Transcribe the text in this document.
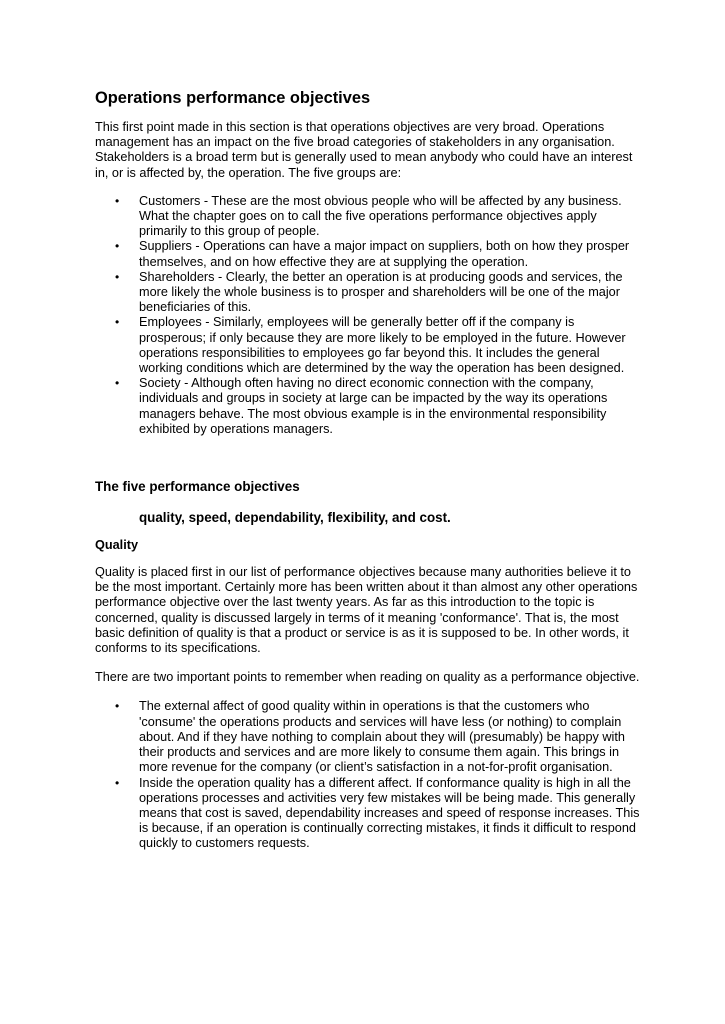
Operations performance objectives

This first point made in this section is that operations objectives are very broad. Operations management has an impact on the five broad categories of stakeholders in any organisation. Stakeholders is a broad term but is generally used to mean anybody who could have an interest in, or is affected by, the operation. The five groups are:

• Customers - These are the most obvious people who will be affected by any business. What the chapter goes on to call the five operations performance objectives apply primarily to this group of people.
• Suppliers - Operations can have a major impact on suppliers, both on how they prosper themselves, and on how effective they are at supplying the operation.
• Shareholders - Clearly, the better an operation is at producing goods and services, the more likely the whole business is to prosper and shareholders will be one of the major beneficiaries of this.
• Employees - Similarly, employees will be generally better off if the company is prosperous; if only because they are more likely to be employed in the future. However operations responsibilities to employees go far beyond this. It includes the general working conditions which are determined by the way the operation has been designed.
• Society - Although often having no direct economic connection with the company, individuals and groups in society at large can be impacted by the way its operations managers behave. The most obvious example is in the environmental responsibility exhibited by operations managers.
The five performance objectives
quality, speed, dependability, flexibility, and cost.
Quality

Quality is placed first in our list of performance objectives because many authorities believe it to be the most important. Certainly more has been written about it than almost any other operations performance objective over the last twenty years. As far as this introduction to the topic is concerned, quality is discussed largely in terms of it meaning 'conformance'. That is, the most basic definition of quality is that a product or service is as it is supposed to be. In other words, it conforms to its specifications.

There are two important points to remember when reading on quality as a performance objective.

• The external affect of good quality within in operations is that the customers who 'consume' the operations products and services will have less (or nothing) to complain about. And if they have nothing to complain about they will (presumably) be happy with their products and services and are more likely to consume them again. This brings in more revenue for the company (or client’s satisfaction in a not-for-profit organisation.
• Inside the operation quality has a different affect. If conformance quality is high in all the operations processes and activities very few mistakes will be being made. This generally means that cost is saved, dependability increases and speed of response increases. This is because, if an operation is continually correcting mistakes, it finds it difficult to respond quickly to customers requests.
